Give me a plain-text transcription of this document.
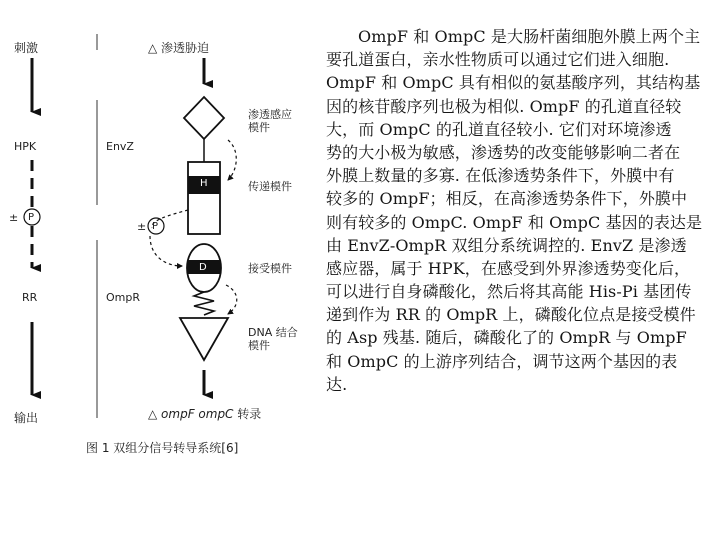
刺激
HPK
± P
RR
输出
EnvZ
OmpR
△ 渗透胁迫
渗透感应
模件
传递模件
H
± P
D	接受模件
DNA 结合
模件
△ ompF ompC 转录
图 1 双组分信号转导系统[6]
OmpF 和 OmpC 是大肠杆菌细胞外膜上两个主
要孔道蛋白，亲水性物质可以通过它们进入细胞.
OmpF 和 OmpC 具有相似的氨基酸序列，其结构基
因的核苷酸序列也极为相似. OmpF 的孔道直径较
大，而 OmpC 的孔道直径较小. 它们对环境渗透
势的大小极为敏感，渗透势的改变能够影响二者在
外膜上数量的多寡. 在低渗透势条件下，外膜中有
较多的 OmpF；相反，在高渗透势条件下，外膜中
则有较多的 OmpC. OmpF 和 OmpC 基因的表达是
由 EnvZ-OmpR 双组分系统调控的. EnvZ 是渗透
感应器，属于 HPK，在感受到外界渗透势变化后，
可以进行自身磷酸化，然后将其高能 His-Pi 基团传
递到作为 RR 的 OmpR 上，磷酸化位点是接受模件
的 Asp 残基. 随后，磷酸化了的 OmpR 与 OmpF
和 OmpC 的上游序列结合，调节这两个基因的表
达.
